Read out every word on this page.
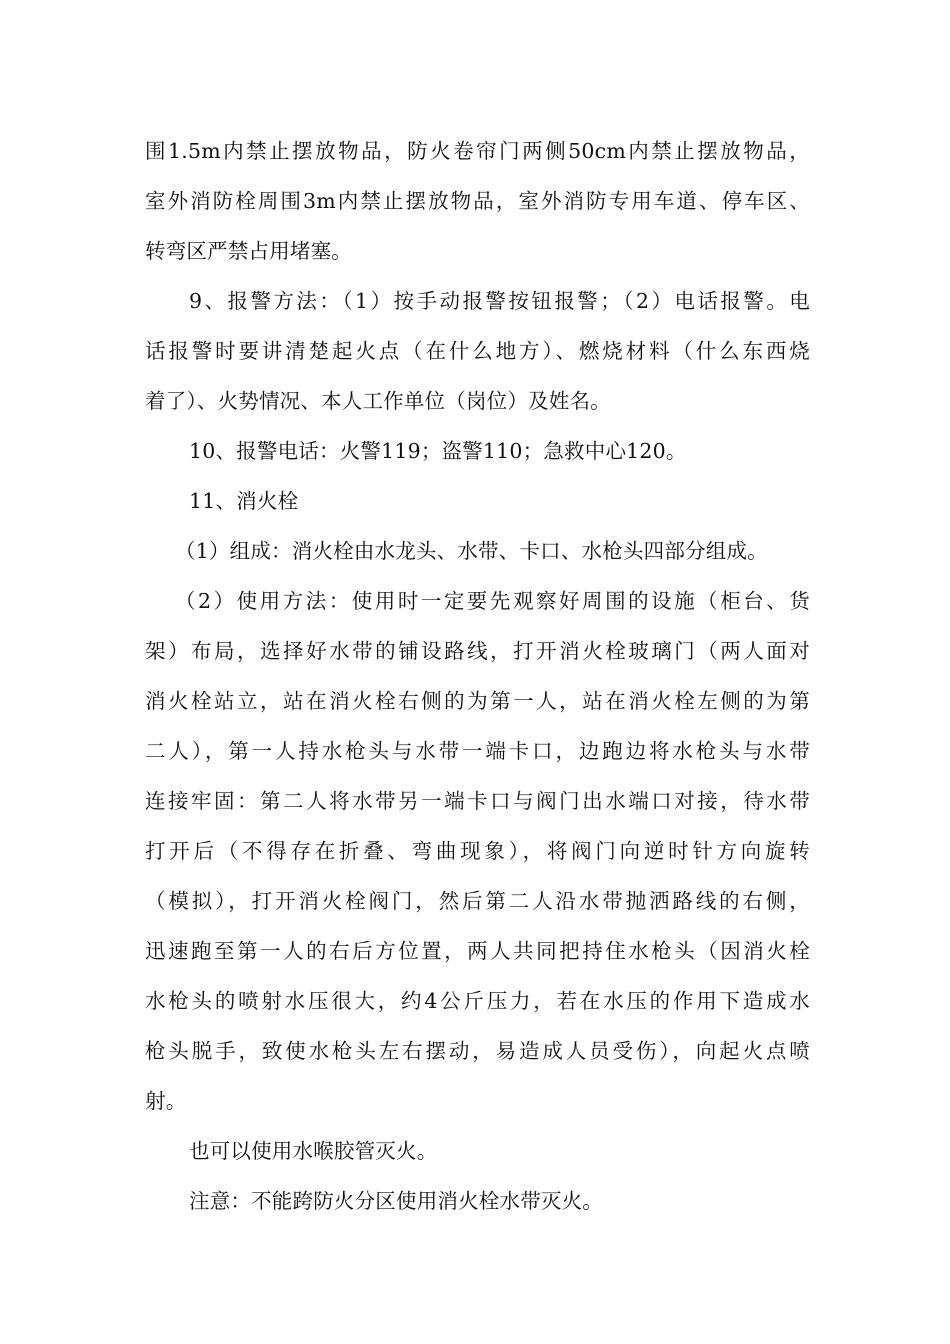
围1.5m内禁止摆放物品，防火卷帘门两侧50cm内禁止摆放物品，
室外消防栓周围3m内禁止摆放物品，室外消防专用车道、停车区、
转弯区严禁占用堵塞。
9、报警方法：（1）按手动报警按钮报警；（2）电话报警。电
话报警时要讲清楚起火点（在什么地方）、燃烧材料（什么东西烧
着了）、火势情况、本人工作单位（岗位）及姓名。
10、报警电话：火警119；盗警110；急救中心120。
11、消火栓
（1）组成：消火栓由水龙头、水带、卡口、水枪头四部分组成。
（2）使用方法：使用时一定要先观察好周围的设施（柜台、货
架）布局，选择好水带的铺设路线，打开消火栓玻璃门（两人面对
消火栓站立，站在消火栓右侧的为第一人，站在消火栓左侧的为第
二人），第一人持水枪头与水带一端卡口，边跑边将水枪头与水带
连接牢固：第二人将水带另一端卡口与阀门出水端口对接，待水带
打开后（不得存在折叠、弯曲现象），将阀门向逆时针方向旋转
（模拟），打开消火栓阀门，然后第二人沿水带抛洒路线的右侧，
迅速跑至第一人的右后方位置，两人共同把持住水枪头（因消火栓
水枪头的喷射水压很大，约4公斤压力，若在水压的作用下造成水
枪头脱手，致使水枪头左右摆动，易造成人员受伤），向起火点喷
射。
也可以使用水喉胶管灭火。
注意：不能跨防火分区使用消火栓水带灭火。
